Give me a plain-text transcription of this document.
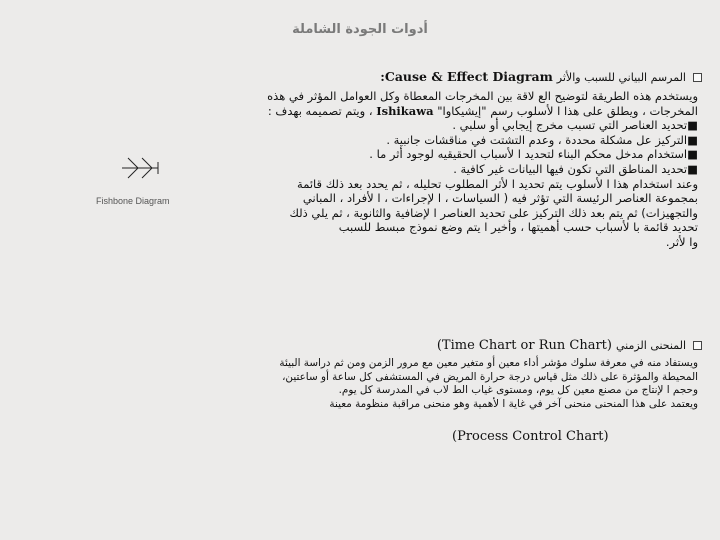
أدوات الجودة الشاملة
المرسم البياني للسبب والأثر Cause & Effect Diagram:
ويستخدم هذه الطريقة لتوضيح الع لاقة بين المخرجات المعطاة وكل العوامل المؤثر في هذه
المخرجات ، ويطلق على هذا ا لأسلوب رسم "إيشيكاوا" Ishikawa ، ويتم تصميمه بهدف :
■تحديد العناصر التي تسبب مخرج إيجابي أو سلبي .
■التركيز عل مشكلة محددة ، وعدم التشتت في مناقشات جانبية .
■استخدام مدخل محكم البناء لتحديد ا لأسباب الحقيقيه لوجود أثر ما .
■تحديد المناطق التي تكون فيها البيانات غير كافية .
وعند استخدام هذا ا لأسلوب يتم تحديد ا لأثر المطلوب تحليله ، ثم يحدد بعد ذلك قائمة
بمجموعة العناصر الرئيسة التي تؤثر فيه ( السياسات ، ا لإجراءات ، ا لأفراد ، المباني
والتجهيزات) ثم يتم بعد ذلك التركيز على تحديد العناصر ا لإضافية والثانوية ، ثم يلي ذلك
تحديد قائمة با لأسباب حسب أهميتها ، وأخير ا يتم وضع نموذج مبسط للسبب
وا لأثر.
Fishbone Diagram
المنحنى الزمني (Time Chart or Run Chart)
ويستفاد منه في معرفة سلوك مؤشر أداء معين أو متغير معين مع مرور الزمن ومن ثم دراسة البيئة
المحيطة والمؤثرة على ذلك مثل قياس درجة حرارة المريض في المستشفى كل ساعة أو ساعتين،
وحجم ا لإنتاج من مصنع معين كل يوم، ومستوى غياب الط لاب في المدرسة كل يوم.
ويعتمد على هذا المنحنى منحنى آخر في غاية ا لأهمية وهو منحنى مراقبة منظومة معينة
(Process Control Chart)
